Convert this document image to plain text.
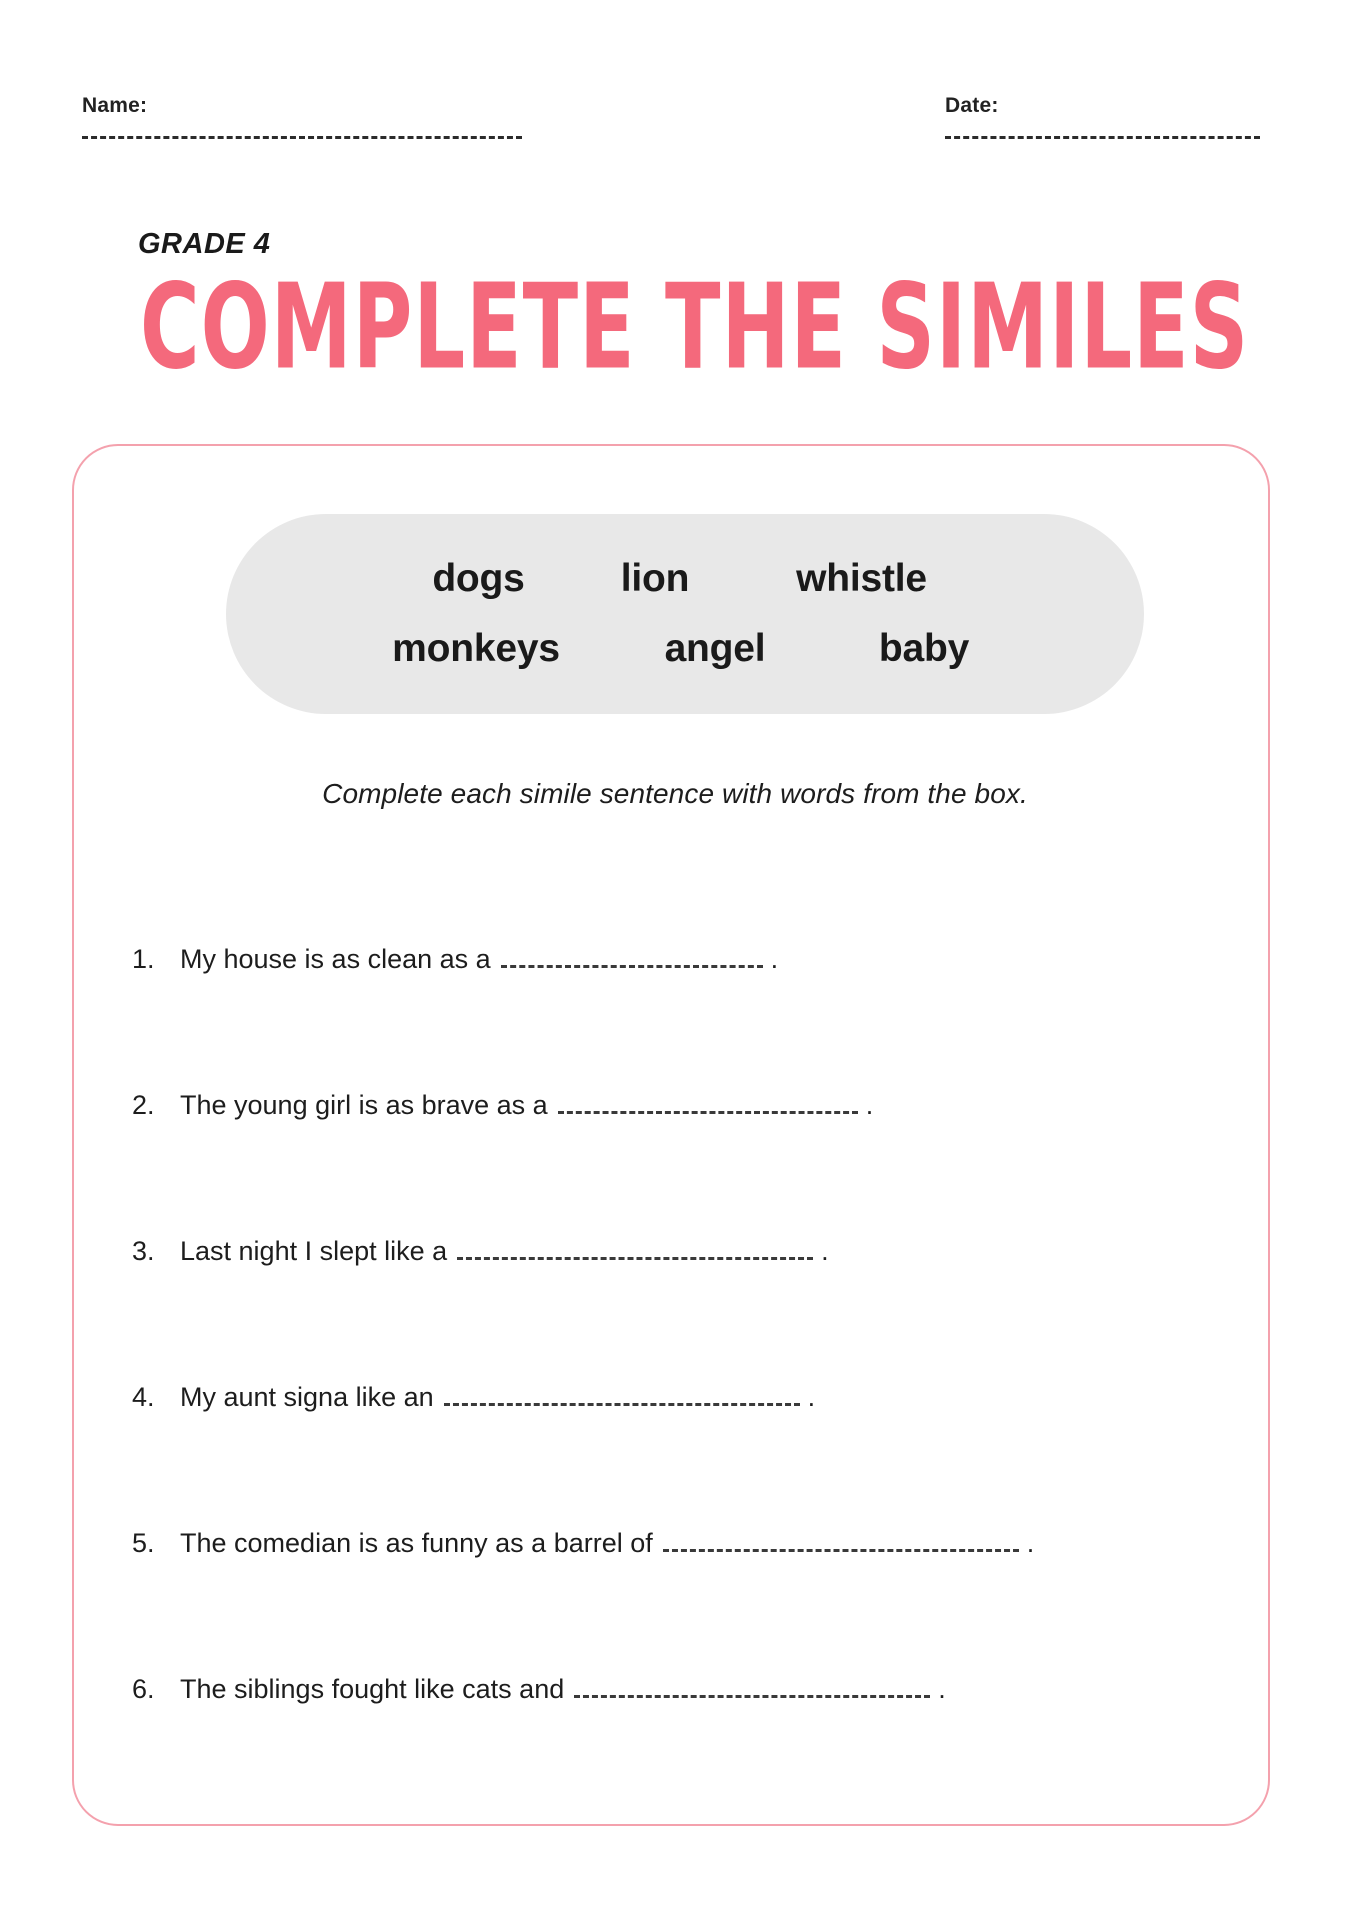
Name:	Date:
GRADE 4
COMPLETE THE SIMILES
dogs	lion	whistle
monkeys	angel	baby
Complete each simile sentence with words from the box.
1. My house is as clean as a	.
2. The young girl is as brave as a	.
3. Last night I slept like a	.
4. My aunt signa like an	.
5. The comedian is as funny as a barrel of	.
6. The siblings fought like cats and	.
